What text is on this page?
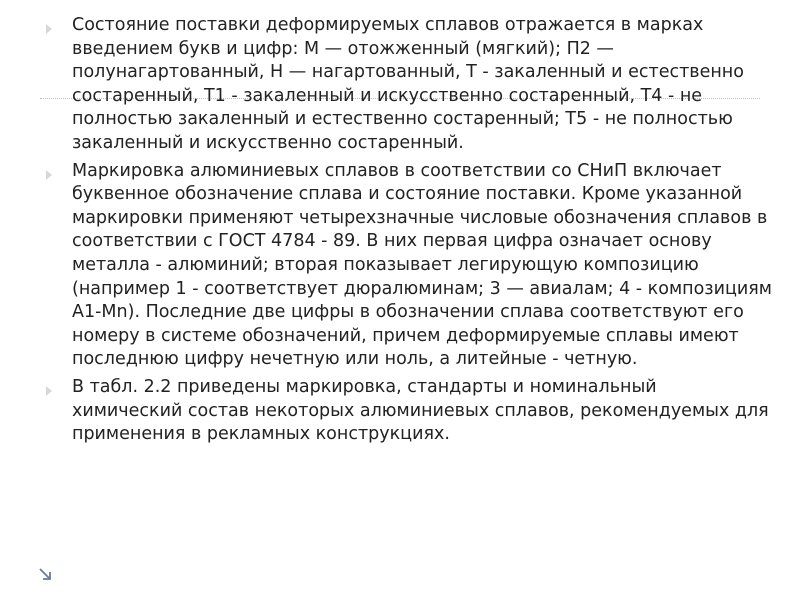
Состояние поставки деформируемых сплавов отражается в марках введением букв и цифр: М — отожженный (мягкий); П2 — полунагартованный, Н — нагартованный, Т - закаленный и естественно состаренный, Т1 - закаленный и искусственно состаренный, Т4 - не полностью закаленный и естественно состаренный; Т5 - не полностью закаленный и искусственно состаренный.
Маркировка алюминиевых сплавов в соответствии со СНиП включает буквенное обозначение сплава и состояние поставки. Кроме указанной маркировки применяют четырехзначные числовые обозначения сплавов в соответствии с ГОСТ 4784 - 89. В них первая цифра означает основу металла - алюминий; вторая показывает легирующую композицию (например 1 - соответствует дюралюминам; 3 — авиалам; 4 - композициям А1-Мn). Последние две цифры в обозначении сплава соответствуют его номеру в системе обозначений, причем деформируемые сплавы имеют последнюю цифру нечетную или ноль, а литейные - четную.
В табл. 2.2 приведены маркировка, стандарты и номинальный химический состав некоторых алюминиевых сплавов, рекомендуемых для применения в рекламных конструкциях.
